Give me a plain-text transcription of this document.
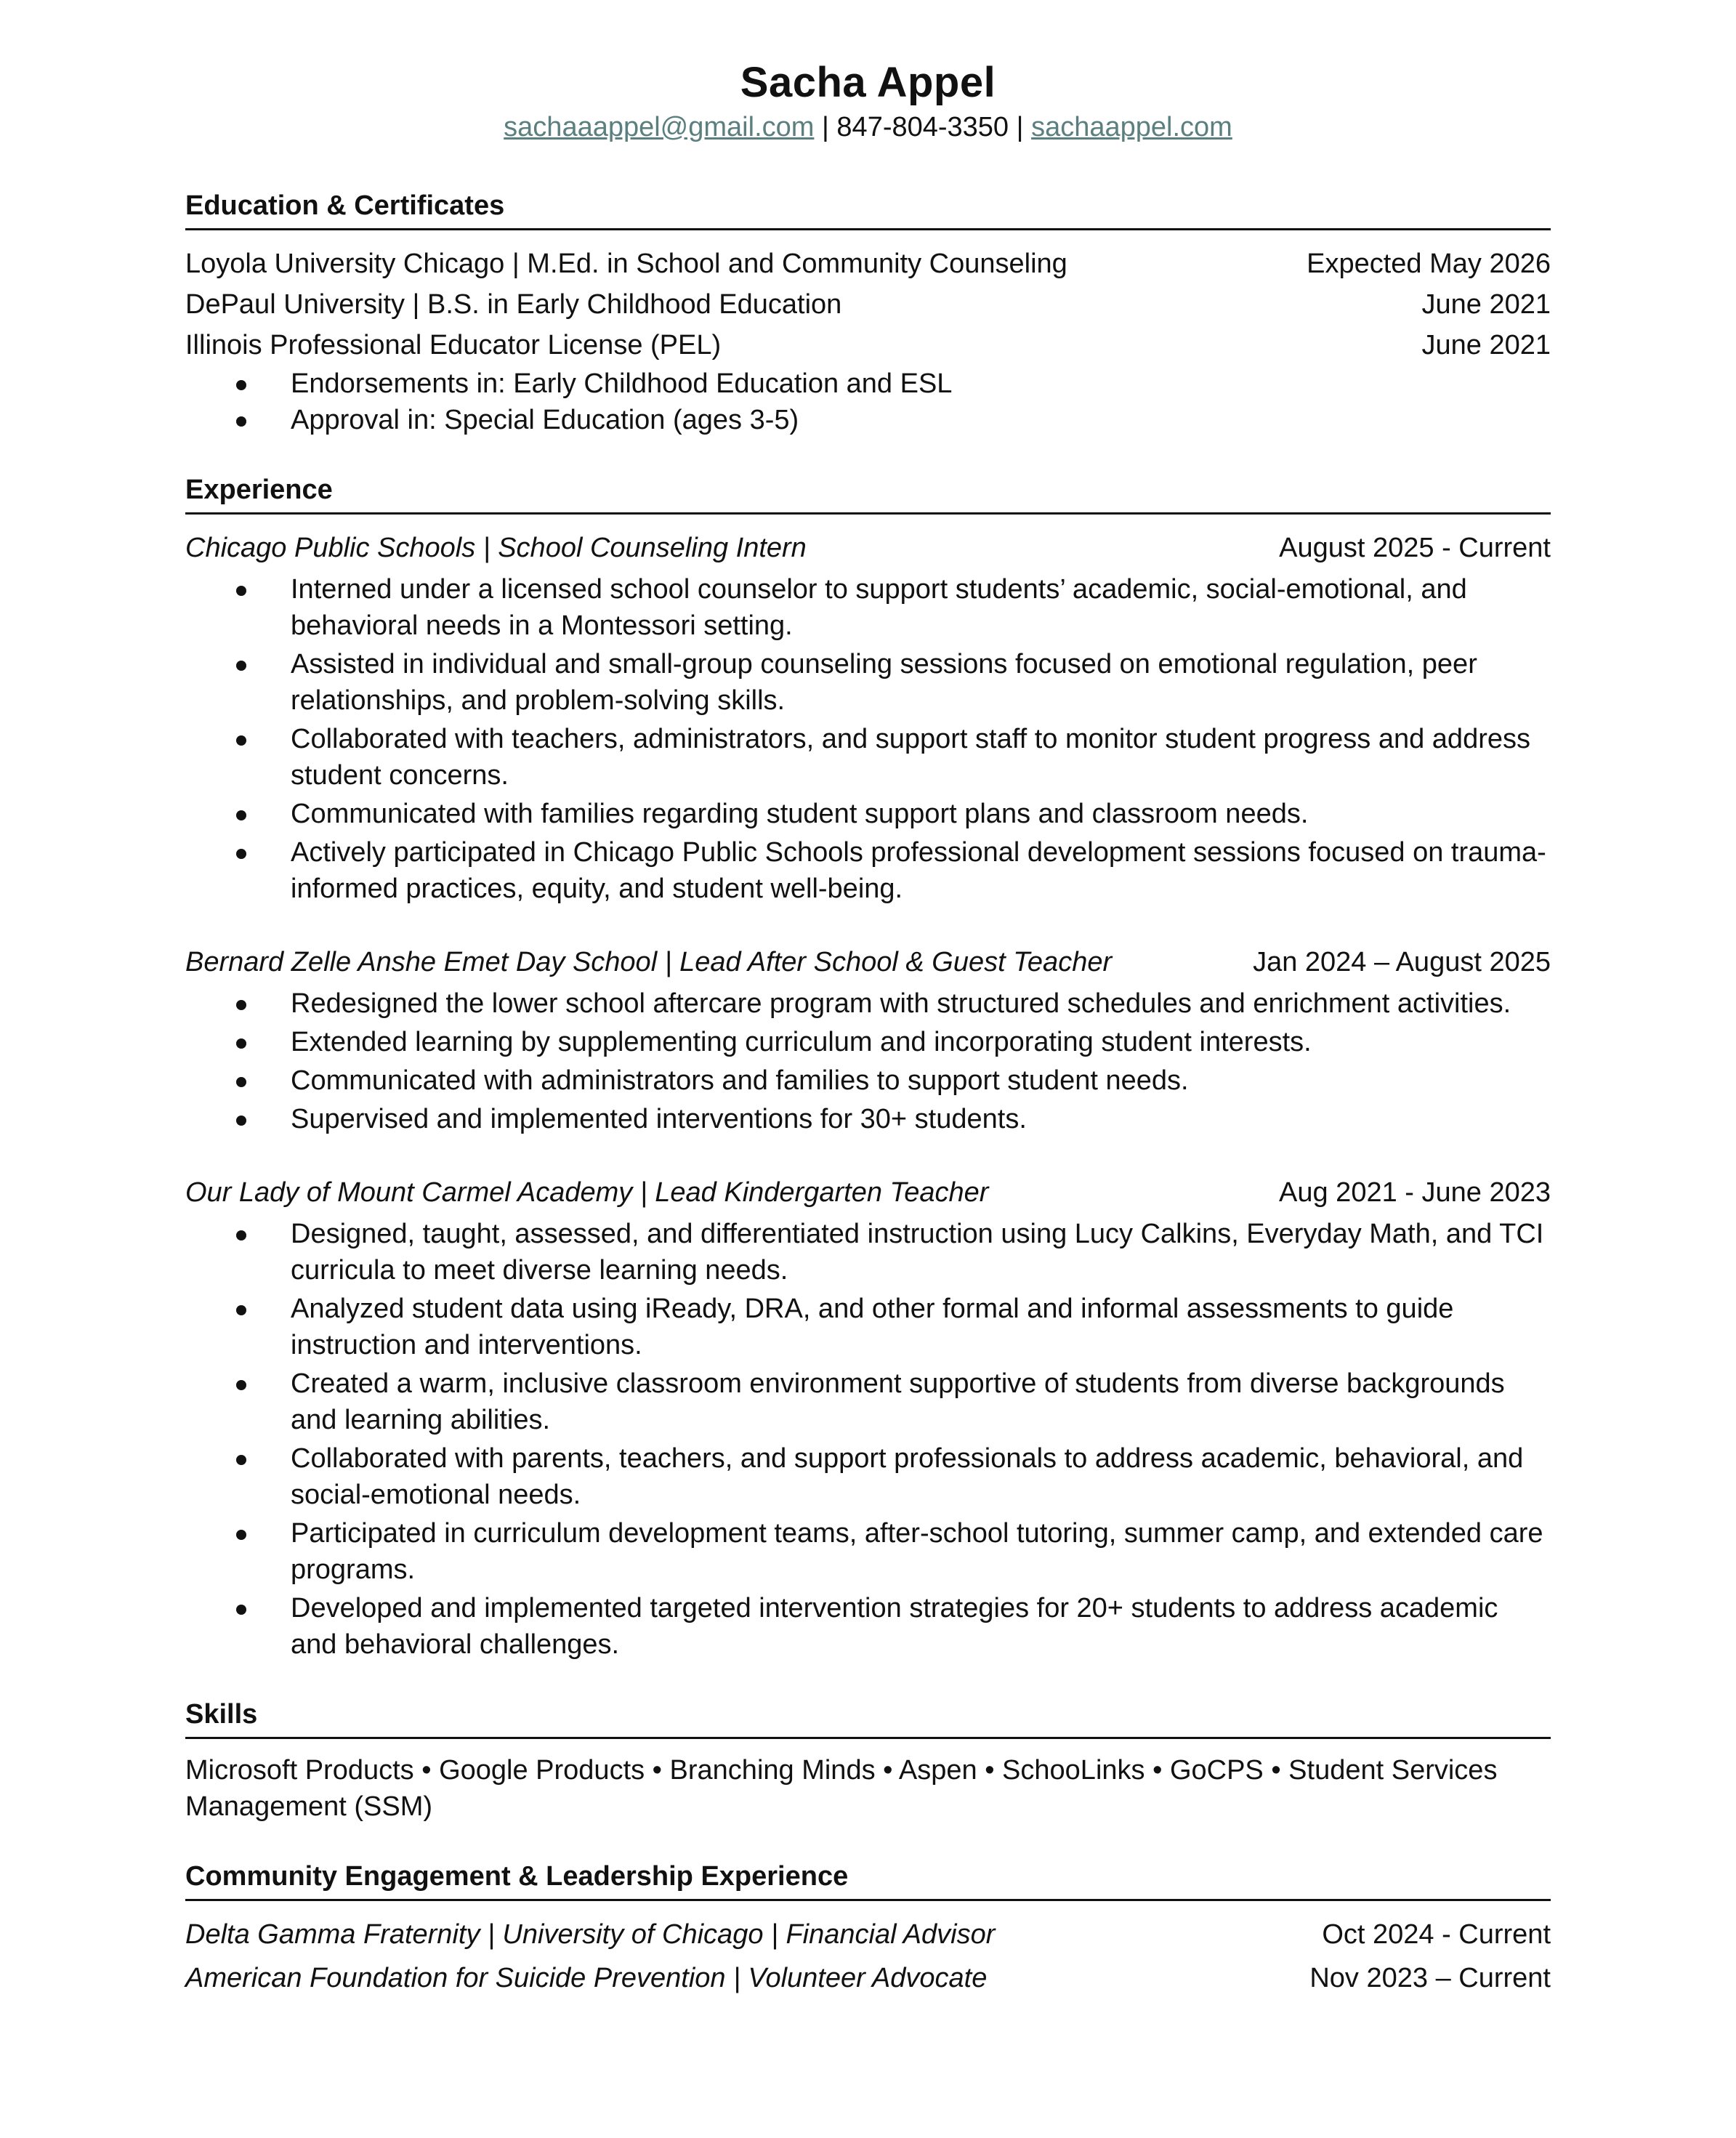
Sacha Appel
sachaaappel@gmail.com | 847-804-3350 | sachaappel.com
Education & Certificates
Loyola University Chicago | M.Ed. in School and Community Counseling	Expected May 2026
DePaul University | B.S. in Early Childhood Education	June 2021
Illinois Professional Educator License (PEL)	June 2021
Endorsements in: Early Childhood Education and ESL
Approval in: Special Education (ages 3-5)
Experience
Chicago Public Schools | School Counseling Intern	August 2025 - Current
Interned under a licensed school counselor to support students’ academic, social-emotional, and behavioral needs in a Montessori setting.
Assisted in individual and small-group counseling sessions focused on emotional regulation, peer relationships, and problem-solving skills.
Collaborated with teachers, administrators, and support staff to monitor student progress and address student concerns.
Communicated with families regarding student support plans and classroom needs.
Actively participated in Chicago Public Schools professional development sessions focused on trauma-informed practices, equity, and student well-being.
Bernard Zelle Anshe Emet Day School | Lead After School & Guest Teacher	Jan 2024 – August 2025
Redesigned the lower school aftercare program with structured schedules and enrichment activities.
Extended learning by supplementing curriculum and incorporating student interests.
Communicated with administrators and families to support student needs.
Supervised and implemented interventions for 30+ students.
Our Lady of Mount Carmel Academy | Lead Kindergarten Teacher	Aug 2021 - June 2023
Designed, taught, assessed, and differentiated instruction using Lucy Calkins, Everyday Math, and TCI curricula to meet diverse learning needs.
Analyzed student data using iReady, DRA, and other formal and informal assessments to guide instruction and interventions.
Created a warm, inclusive classroom environment supportive of students from diverse backgrounds and learning abilities.
Collaborated with parents, teachers, and support professionals to address academic, behavioral, and social-emotional needs.
Participated in curriculum development teams, after-school tutoring, summer camp, and extended care programs.
Developed and implemented targeted intervention strategies for 20+ students to address academic and behavioral challenges.
Skills
Microsoft Products • Google Products • Branching Minds • Aspen • SchooLinks • GoCPS • Student Services Management (SSM)
Community Engagement & Leadership Experience
Delta Gamma Fraternity | University of Chicago | Financial Advisor	Oct 2024 - Current
American Foundation for Suicide Prevention | Volunteer Advocate	Nov 2023 – Current
